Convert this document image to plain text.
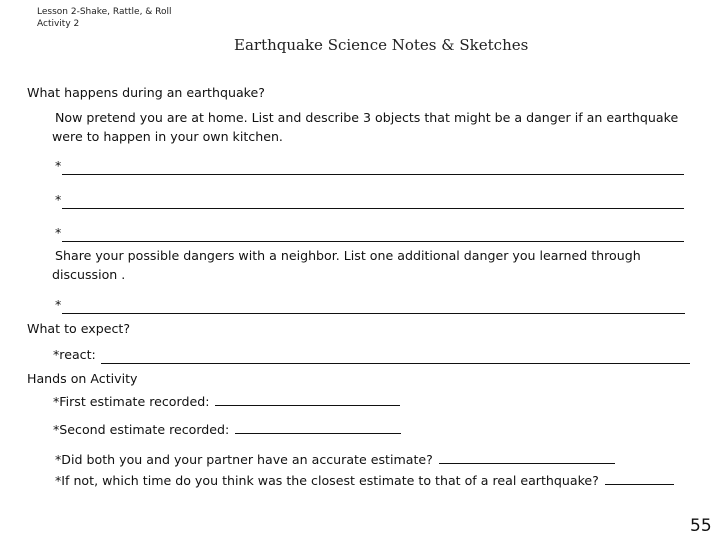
Lesson 2-Shake, Rattle, & Roll
Activity 2
Earthquake Science Notes & Sketches
What happens during an earthquake?
Now pretend you are at home. List and describe 3 objects that might be a danger if an earthquake
were to happen in your own kitchen.
*
*
*
Share your possible dangers with a neighbor. List one additional danger you learned through
discussion .
*
What to expect?
*react:
Hands on Activity
*First estimate recorded:
*Second estimate recorded:
*Did both you and your partner have an accurate estimate?
*If not, which time do you think was the closest estimate to that of a real earthquake?
55
